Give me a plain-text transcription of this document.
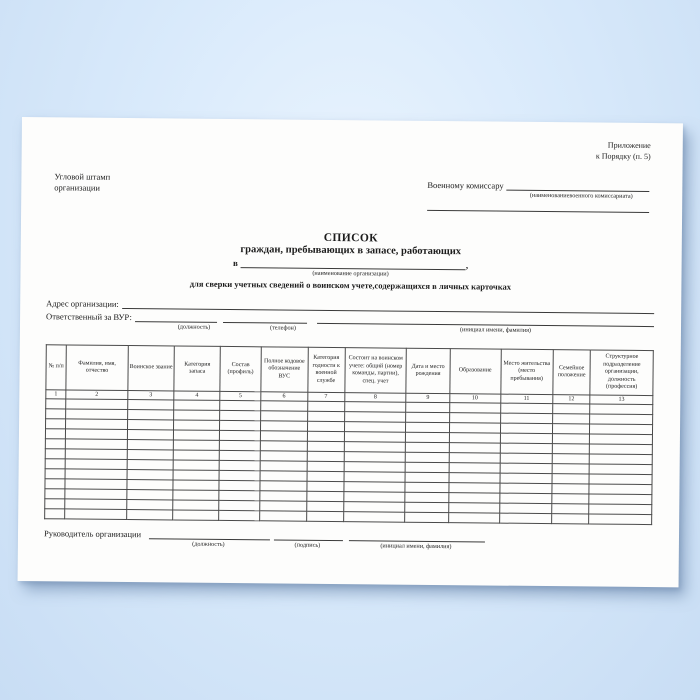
Приложение
к Порядку (п. 5)
Угловой штамп
организации	Военному комиссару
(наименованиевоенного комиссариата)
СПИСОК
граждан, пребывающих в запасе, работающих
в	,
(наименование организации)
для сверки учетных сведений о воинском учете,содержащихся в личных карточках
Адрес организации:
Ответственный за ВУР:
(должность)	(телефон)	(инициал имени, фамилия)
№ п/п	Фамилия, имя, отчество	Воинское звание	Категория запаса	Состав (профиль)	Полное кодовое обозначение ВУС	Категория годности к военной службе	Состоит на воинском учете: общий (номер команды, партии), спец. учет	Дата и место рождения	Образование	Место жительства (место пребывания)	Семейное положение	Структурное подразделение организации, должность (профессия)
1	2	3	4	5	6	7	8	9	10	11	12	13

Руководитель организации
(должность)	(подпись)	(инициал имени, фамилия)
